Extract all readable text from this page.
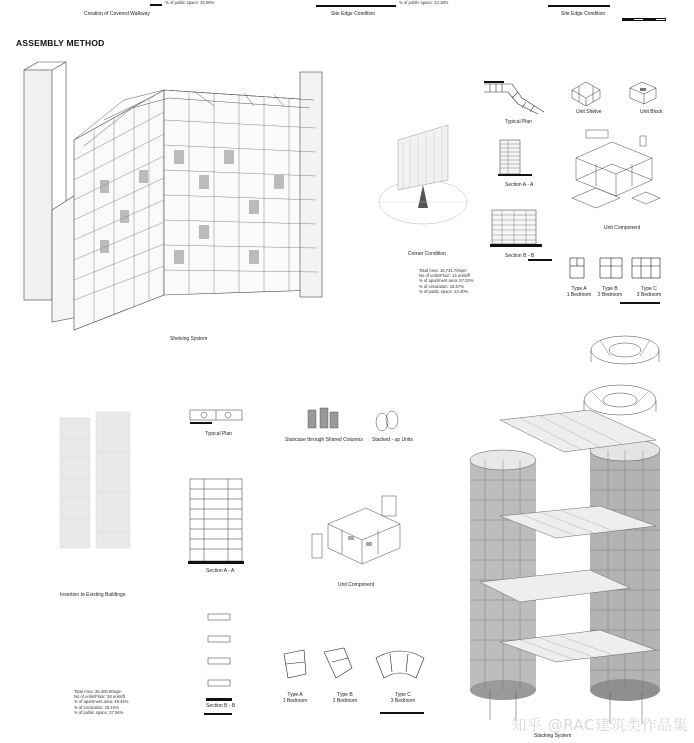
Creation of Covered Walkway
% of public space: 20.98%
Site Edge Condition
% of public space: 33.18%
Site Edge Condition
ASSEMBLY METHOD
Shelving System
Corner Condition
Typical Plan
Section A - A
Section B - B
Unit Shelve	Unit Block
Unit Component
Total Area: 16,741.70sqm
No of units/Floor: 14 units/fl
% of apartment area: 57.02%
% of circulation: 15.57%
% of public space: 23.40%	Type A
1 Bedroom
Type B
2 Bedroom
Type C
3 Bedroom
Insertion to Existing Buildings
Typical Plan
Staircase through Shared Columns Stacked - up Units
Section A - A
Unit Component
Section B - B
Total Area: 26,400.00sqm
No of units/Floor: 28 units/fl
% of apartment area: 48.44%
% of circulation: 18.10%
% of public space: 37.94%
Type A
1 Bedroom
Type B
2 Bedroom
Type C
3 Bedroom
Stacking System
知乎 @RAC建筑类作品集
